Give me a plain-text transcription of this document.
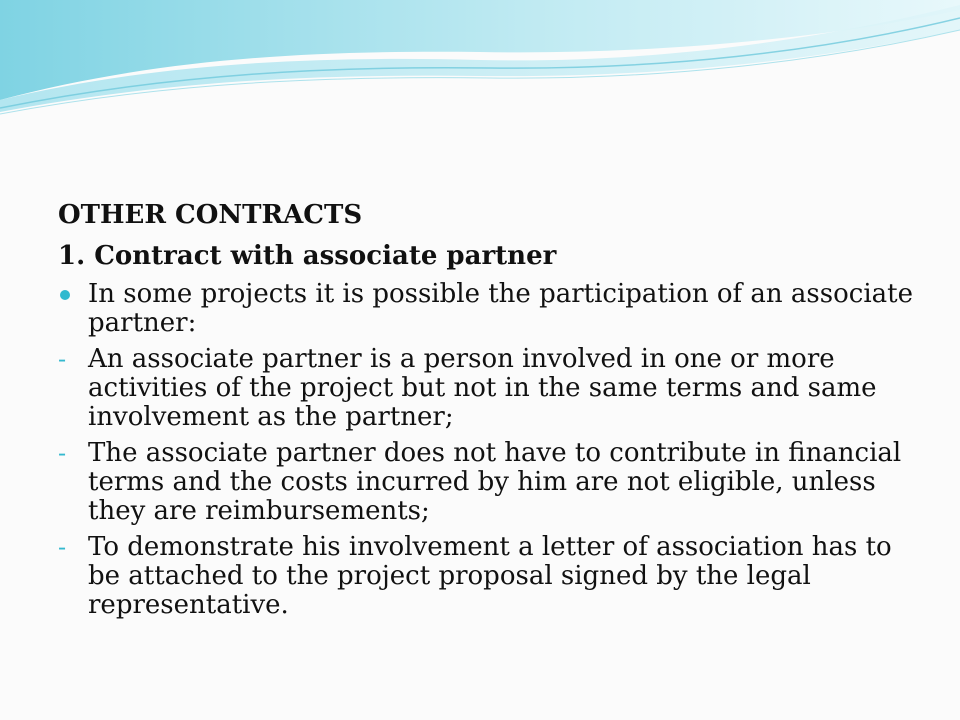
OTHER CONTRACTS
1. Contract with associate partner
In some projects it is possible the participation of an associate partner:
- An associate partner is a person involved in one or more activities of the project but not in the same terms and same involvement as the partner;
- The associate partner does not have to contribute in financial terms and the costs incurred by him are not eligible, unless they are reimbursements;
- To demonstrate his involvement a letter of association has to be attached to the project proposal signed by the legal representative.
